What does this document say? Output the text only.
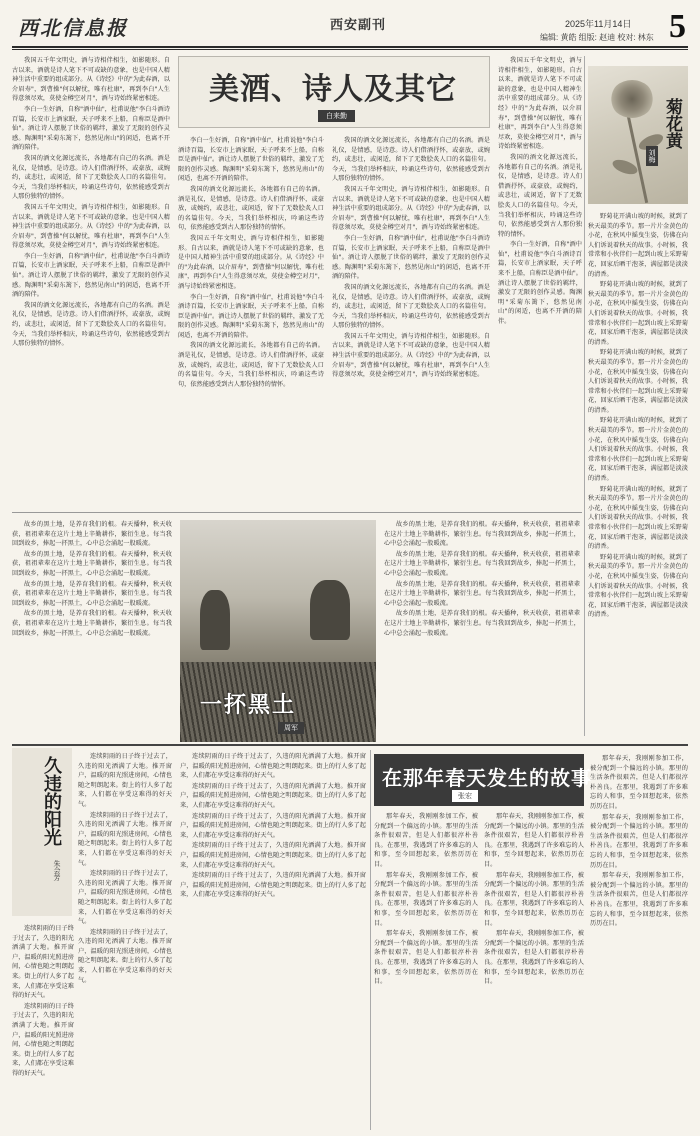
西北信息报	西安副刊	2025年11月14日 5
编辑: 黄皓 组版: 赵迪 校对: 林东

我国五千年文明史，酒与诗相伴相生，如影随形。自古以来，酒就是诗人笔下不可或缺的意象，也是中国人精神生活中重要的组成部分。从《诗经》中的"为此春酒，以介眉寿"，到曹操"何以解忧，唯有杜康"，再到李白"人生得意须尽欢，莫使金樽空对月"，酒与诗始终紧密相连。

李白一生好酒，自称"酒中仙"，杜甫说他"李白斗酒诗百篇，长安市上酒家眠，天子呼来不上船，自称臣是酒中仙"。酒让诗人摆脱了世俗的羁绊，激发了无限的创作灵感。陶渊明"采菊东篱下，悠然见南山"的闲适，也离不开酒的陪伴。

我国的酒文化源远流长，各地都有自己的名酒。酒是礼仪，是情感，是诗意。诗人们借酒抒怀，或豪放，或婉约，或悲壮，或闲适，留下了无数脍炙人口的名篇佳句。今天，当我们举杯相庆，吟诵这些诗句，依然能感受到古人那份独特的情怀。

我国五千年文明史，酒与诗相伴相生，如影随形。自古以来，酒就是诗人笔下不可或缺的意象，也是中国人精神生活中重要的组成部分。从《诗经》中的"为此春酒，以介眉寿"，到曹操"何以解忧，唯有杜康"，再到李白"人生得意须尽欢，莫使金樽空对月"，酒与诗始终紧密相连。

李白一生好酒，自称"酒中仙"，杜甫说他"李白斗酒诗百篇，长安市上酒家眠，天子呼来不上船，自称臣是酒中仙"。酒让诗人摆脱了世俗的羁绊，激发了无限的创作灵感。陶渊明"采菊东篱下，悠然见南山"的闲适，也离不开酒的陪伴。

我国的酒文化源远流长，各地都有自己的名酒。酒是礼仪，是情感，是诗意。诗人们借酒抒怀，或豪放，或婉约，或悲壮，或闲适，留下了无数脍炙人口的名篇佳句。今天，当我们举杯相庆，吟诵这些诗句，依然能感受到古人那份独特的情怀。

美酒、诗人及其它
白来勤

李白一生好酒，自称"酒中仙"，杜甫说他"李白斗酒诗百篇，长安市上酒家眠，天子呼来不上船，自称臣是酒中仙"。酒让诗人摆脱了世俗的羁绊，激发了无限的创作灵感。陶渊明"采菊东篱下，悠然见南山"的闲适，也离不开酒的陪伴。

我国的酒文化源远流长，各地都有自己的名酒。酒是礼仪，是情感，是诗意。诗人们借酒抒怀，或豪放，或婉约，或悲壮，或闲适，留下了无数脍炙人口的名篇佳句。今天，当我们举杯相庆，吟诵这些诗句，依然能感受到古人那份独特的情怀。

我国五千年文明史，酒与诗相伴相生，如影随形。自古以来，酒就是诗人笔下不可或缺的意象，也是中国人精神生活中重要的组成部分。从《诗经》中的"为此春酒，以介眉寿"，到曹操"何以解忧，唯有杜康"，再到李白"人生得意须尽欢，莫使金樽空对月"，酒与诗始终紧密相连。

李白一生好酒，自称"酒中仙"，杜甫说他"李白斗酒诗百篇，长安市上酒家眠，天子呼来不上船，自称臣是酒中仙"。酒让诗人摆脱了世俗的羁绊，激发了无限的创作灵感。陶渊明"采菊东篱下，悠然见南山"的闲适，也离不开酒的陪伴。

我国的酒文化源远流长，各地都有自己的名酒。酒是礼仪，是情感，是诗意。诗人们借酒抒怀，或豪放，或婉约，或悲壮，或闲适，留下了无数脍炙人口的名篇佳句。今天，当我们举杯相庆，吟诵这些诗句，依然能感受到古人那份独特的情怀。

我国的酒文化源远流长，各地都有自己的名酒。酒是礼仪，是情感，是诗意。诗人们借酒抒怀，或豪放，或婉约，或悲壮，或闲适，留下了无数脍炙人口的名篇佳句。今天，当我们举杯相庆，吟诵这些诗句，依然能感受到古人那份独特的情怀。

我国五千年文明史，酒与诗相伴相生，如影随形。自古以来，酒就是诗人笔下不可或缺的意象，也是中国人精神生活中重要的组成部分。从《诗经》中的"为此春酒，以介眉寿"，到曹操"何以解忧，唯有杜康"，再到李白"人生得意须尽欢，莫使金樽空对月"，酒与诗始终紧密相连。

李白一生好酒，自称"酒中仙"，杜甫说他"李白斗酒诗百篇，长安市上酒家眠，天子呼来不上船，自称臣是酒中仙"。酒让诗人摆脱了世俗的羁绊，激发了无限的创作灵感。陶渊明"采菊东篱下，悠然见南山"的闲适，也离不开酒的陪伴。

我国的酒文化源远流长，各地都有自己的名酒。酒是礼仪，是情感，是诗意。诗人们借酒抒怀，或豪放，或婉约，或悲壮，或闲适，留下了无数脍炙人口的名篇佳句。今天，当我们举杯相庆，吟诵这些诗句，依然能感受到古人那份独特的情怀。

我国五千年文明史，酒与诗相伴相生，如影随形。自古以来，酒就是诗人笔下不可或缺的意象，也是中国人精神生活中重要的组成部分。从《诗经》中的"为此春酒，以介眉寿"，到曹操"何以解忧，唯有杜康"，再到李白"人生得意须尽欢，莫使金樽空对月"，酒与诗始终紧密相连。

我国五千年文明史，酒与诗相伴相生，如影随形。自古以来，酒就是诗人笔下不可或缺的意象，也是中国人精神生活中重要的组成部分。从《诗经》中的"为此春酒，以介眉寿"，到曹操"何以解忧，唯有杜康"，再到李白"人生得意须尽欢，莫使金樽空对月"，酒与诗始终紧密相连。

我国的酒文化源远流长，各地都有自己的名酒。酒是礼仪，是情感，是诗意。诗人们借酒抒怀，或豪放，或婉约，或悲壮，或闲适，留下了无数脍炙人口的名篇佳句。今天，当我们举杯相庆，吟诵这些诗句，依然能感受到古人那份独特的情怀。

李白一生好酒，自称"酒中仙"，杜甫说他"李白斗酒诗百篇，长安市上酒家眠，天子呼来不上船，自称臣是酒中仙"。酒让诗人摆脱了世俗的羁绊，激发了无限的创作灵感。陶渊明"采菊东篱下，悠然见南山"的闲适，也离不开酒的陪伴。

菊花黄
刘梅

野菊花开满山坡的时候，就到了秋天最美的季节。那一片片金黄色的小花，在秋风中摇曳生姿，仿佛在向人们诉说着秋天的故事。小时候，我常常和小伙伴们一起到山坡上采野菊花，回家后晒干泡茶，满屋都是淡淡的清香。

野菊花开满山坡的时候，就到了秋天最美的季节。那一片片金黄色的小花，在秋风中摇曳生姿，仿佛在向人们诉说着秋天的故事。小时候，我常常和小伙伴们一起到山坡上采野菊花，回家后晒干泡茶，满屋都是淡淡的清香。

野菊花开满山坡的时候，就到了秋天最美的季节。那一片片金黄色的小花，在秋风中摇曳生姿，仿佛在向人们诉说着秋天的故事。小时候，我常常和小伙伴们一起到山坡上采野菊花，回家后晒干泡茶，满屋都是淡淡的清香。

野菊花开满山坡的时候，就到了秋天最美的季节。那一片片金黄色的小花，在秋风中摇曳生姿，仿佛在向人们诉说着秋天的故事。小时候，我常常和小伙伴们一起到山坡上采野菊花，回家后晒干泡茶，满屋都是淡淡的清香。

野菊花开满山坡的时候，就到了秋天最美的季节。那一片片金黄色的小花，在秋风中摇曳生姿，仿佛在向人们诉说着秋天的故事。小时候，我常常和小伙伴们一起到山坡上采野菊花，回家后晒干泡茶，满屋都是淡淡的清香。

野菊花开满山坡的时候，就到了秋天最美的季节。那一片片金黄色的小花，在秋风中摇曳生姿，仿佛在向人们诉说着秋天的故事。小时候，我常常和小伙伴们一起到山坡上采野菊花，回家后晒干泡茶，满屋都是淡淡的清香。

故乡的黑土地，是养育我们的根。春天播种，秋天收获，祖祖辈辈在这片土地上辛勤耕作，繁衍生息。每当我回到故乡，捧起一抔黑土，心中总会涌起一股暖流。

故乡的黑土地，是养育我们的根。春天播种，秋天收获，祖祖辈辈在这片土地上辛勤耕作，繁衍生息。每当我回到故乡，捧起一抔黑土，心中总会涌起一股暖流。

故乡的黑土地，是养育我们的根。春天播种，秋天收获，祖祖辈辈在这片土地上辛勤耕作，繁衍生息。每当我回到故乡，捧起一抔黑土，心中总会涌起一股暖流。

故乡的黑土地，是养育我们的根。春天播种，秋天收获，祖祖辈辈在这片土地上辛勤耕作，繁衍生息。每当我回到故乡，捧起一抔黑土，心中总会涌起一股暖流。

一抔黑土
周军

故乡的黑土地，是养育我们的根。春天播种，秋天收获，祖祖辈辈在这片土地上辛勤耕作，繁衍生息。每当我回到故乡，捧起一抔黑土，心中总会涌起一股暖流。

故乡的黑土地，是养育我们的根。春天播种，秋天收获，祖祖辈辈在这片土地上辛勤耕作，繁衍生息。每当我回到故乡，捧起一抔黑土，心中总会涌起一股暖流。

故乡的黑土地，是养育我们的根。春天播种，秋天收获，祖祖辈辈在这片土地上辛勤耕作，繁衍生息。每当我回到故乡，捧起一抔黑土，心中总会涌起一股暖流。

故乡的黑土地，是养育我们的根。春天播种，秋天收获，祖祖辈辈在这片土地上辛勤耕作，繁衍生息。每当我回到故乡，捧起一抔黑土，心中总会涌起一股暖流。

久违的阳光
朱会芳

连续阴雨的日子终于过去了，久违的阳光洒满了大地。推开窗户，温暖的阳光照进房间，心情也随之明朗起来。街上的行人多了起来，人们都在享受这难得的好天气。

连续阴雨的日子终于过去了，久违的阳光洒满了大地。推开窗户，温暖的阳光照进房间，心情也随之明朗起来。街上的行人多了起来，人们都在享受这难得的好天气。

连续阴雨的日子终于过去了，久违的阳光洒满了大地。推开窗户，温暖的阳光照进房间，心情也随之明朗起来。街上的行人多了起来，人们都在享受这难得的好天气。

连续阴雨的日子终于过去了，久违的阳光洒满了大地。推开窗户，温暖的阳光照进房间，心情也随之明朗起来。街上的行人多了起来，人们都在享受这难得的好天气。

连续阴雨的日子终于过去了，久违的阳光洒满了大地。推开窗户，温暖的阳光照进房间，心情也随之明朗起来。街上的行人多了起来，人们都在享受这难得的好天气。

连续阴雨的日子终于过去了，久违的阳光洒满了大地。推开窗户，温暖的阳光照进房间，心情也随之明朗起来。街上的行人多了起来，人们都在享受这难得的好天气。

连续阴雨的日子终于过去了，久违的阳光洒满了大地。推开窗户，温暖的阳光照进房间，心情也随之明朗起来。街上的行人多了起来，人们都在享受这难得的好天气。

连续阴雨的日子终于过去了，久违的阳光洒满了大地。推开窗户，温暖的阳光照进房间，心情也随之明朗起来。街上的行人多了起来，人们都在享受这难得的好天气。

连续阴雨的日子终于过去了，久违的阳光洒满了大地。推开窗户，温暖的阳光照进房间，心情也随之明朗起来。街上的行人多了起来，人们都在享受这难得的好天气。

连续阴雨的日子终于过去了，久违的阳光洒满了大地。推开窗户，温暖的阳光照进房间，心情也随之明朗起来。街上的行人多了起来，人们都在享受这难得的好天气。

连续阴雨的日子终于过去了，久违的阳光洒满了大地。推开窗户，温暖的阳光照进房间，心情也随之明朗起来。街上的行人多了起来，人们都在享受这难得的好天气。

在那年春天发生的故事
张宏

那年春天，我刚刚参加工作，被分配到一个偏远的小镇。那里的生活条件很艰苦，但是人们都很淳朴善良。在那里，我遇到了许多难忘的人和事，至今回想起来，依然历历在目。

那年春天，我刚刚参加工作，被分配到一个偏远的小镇。那里的生活条件很艰苦，但是人们都很淳朴善良。在那里，我遇到了许多难忘的人和事，至今回想起来，依然历历在目。

那年春天，我刚刚参加工作，被分配到一个偏远的小镇。那里的生活条件很艰苦，但是人们都很淳朴善良。在那里，我遇到了许多难忘的人和事，至今回想起来，依然历历在目。

那年春天，我刚刚参加工作，被分配到一个偏远的小镇。那里的生活条件很艰苦，但是人们都很淳朴善良。在那里，我遇到了许多难忘的人和事，至今回想起来，依然历历在目。

那年春天，我刚刚参加工作，被分配到一个偏远的小镇。那里的生活条件很艰苦，但是人们都很淳朴善良。在那里，我遇到了许多难忘的人和事，至今回想起来，依然历历在目。

那年春天，我刚刚参加工作，被分配到一个偏远的小镇。那里的生活条件很艰苦，但是人们都很淳朴善良。在那里，我遇到了许多难忘的人和事，至今回想起来，依然历历在目。

那年春天，我刚刚参加工作，被分配到一个偏远的小镇。那里的生活条件很艰苦，但是人们都很淳朴善良。在那里，我遇到了许多难忘的人和事，至今回想起来，依然历历在目。

那年春天，我刚刚参加工作，被分配到一个偏远的小镇。那里的生活条件很艰苦，但是人们都很淳朴善良。在那里，我遇到了许多难忘的人和事，至今回想起来，依然历历在目。

那年春天，我刚刚参加工作，被分配到一个偏远的小镇。那里的生活条件很艰苦，但是人们都很淳朴善良。在那里，我遇到了许多难忘的人和事，至今回想起来，依然历历在目。
